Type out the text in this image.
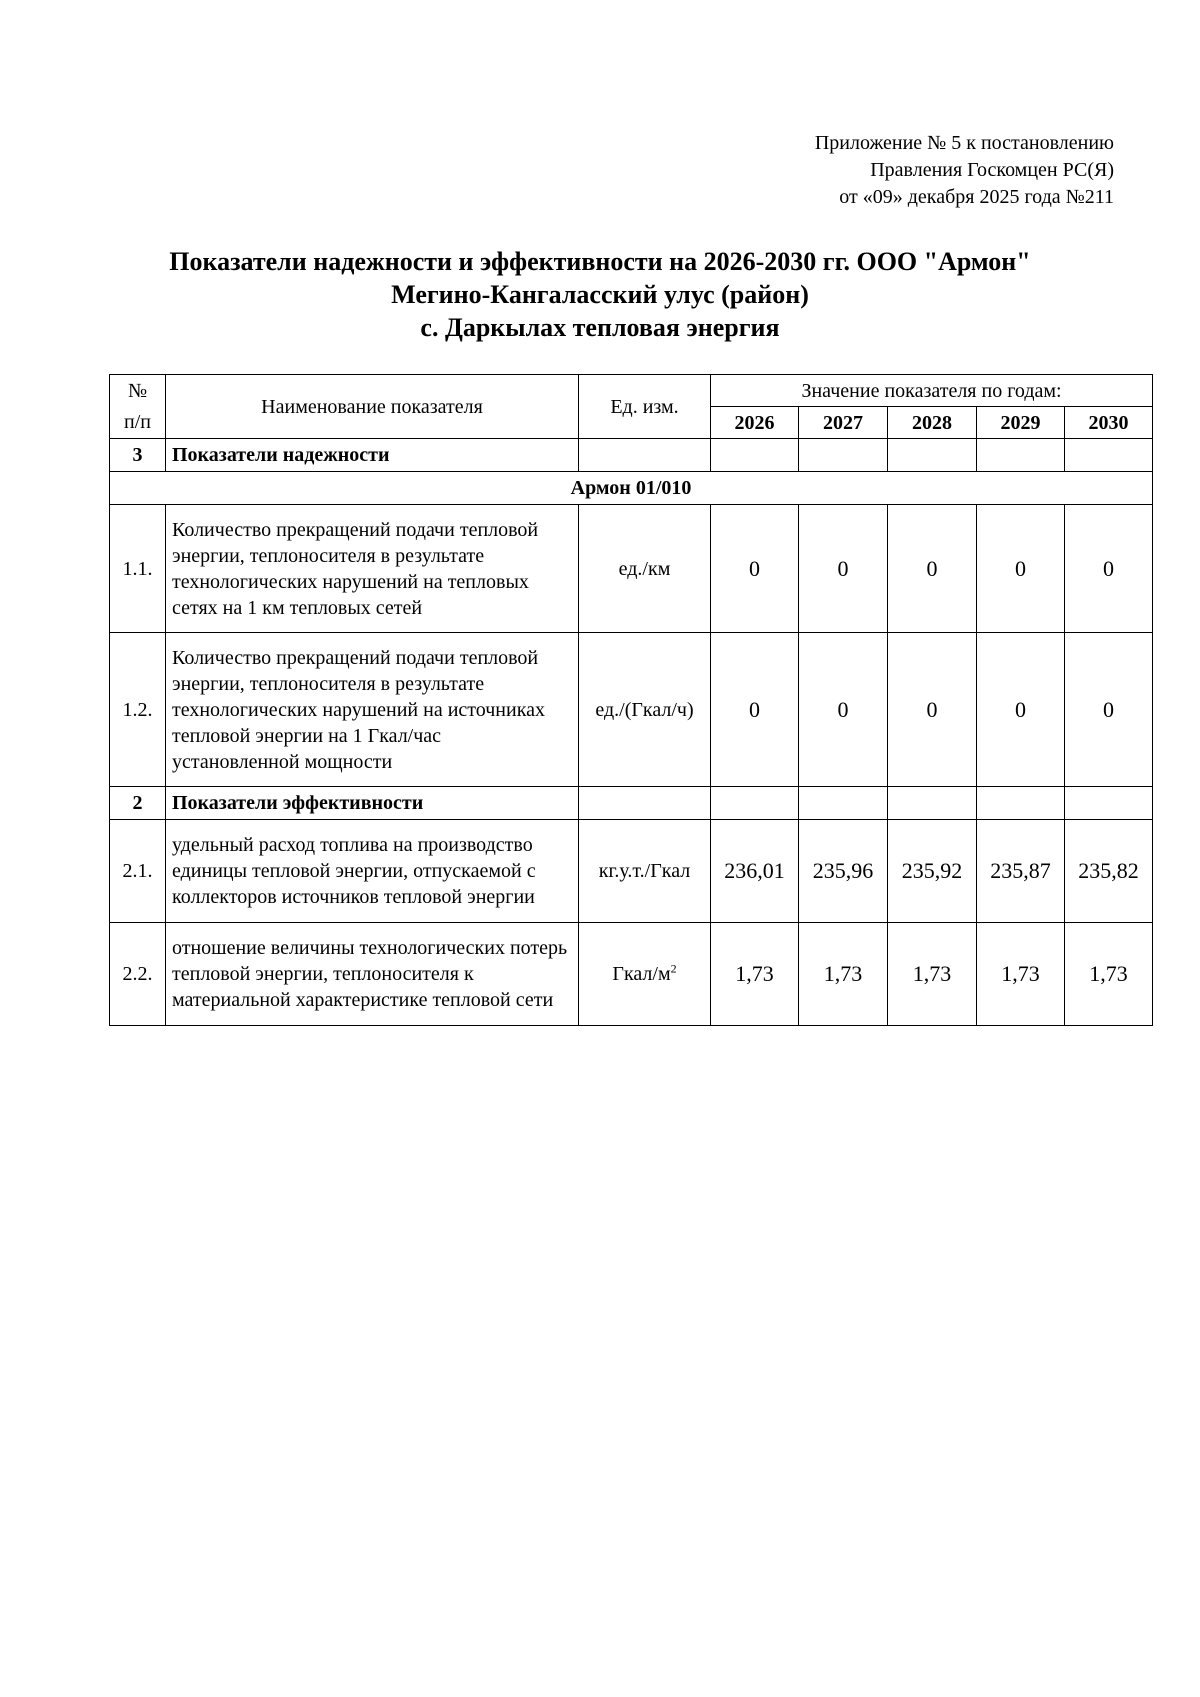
Приложение № 5 к постановлению
Правления Госкомцен РС(Я)
от «09» декабря 2025 года №211
Показатели надежности и эффективности на 2026-2030 гг. ООО "Армон"
Мегино-Кангаласский улус (район)
с. Даркылах тепловая энергия
№	Наименование показателя	Ед. изм.	Значение показателя по годам:				
п/п			2026	2027	2028	2029	2030
3	Показатели надежности						
Армон 01/010							
1.1.	Количество прекращений подачи тепловой энергии, теплоносителя в результате технологических нарушений на тепловых сетях на 1 км тепловых сетей	ед./км	0	0	0	0	0
1.2.	Количество прекращений подачи тепловой энергии, теплоносителя в результате технологических нарушений на источниках тепловой энергии на 1 Гкал/час установленной мощности	ед./(Гкал/ч)	0	0	0	0	0
2	Показатели эффективности						
2.1.	удельный расход топлива на производство единицы тепловой энергии, отпускаемой с коллекторов источников тепловой энергии	кг.у.т./Гкал	236,01	235,96	235,92	235,87	235,82
2.2.	отношение величины технологических потерь тепловой энергии, теплоносителя к материальной характеристике тепловой сети	Гкал/$м^2$	1,73	1,73	1,73	1,73	1,73
